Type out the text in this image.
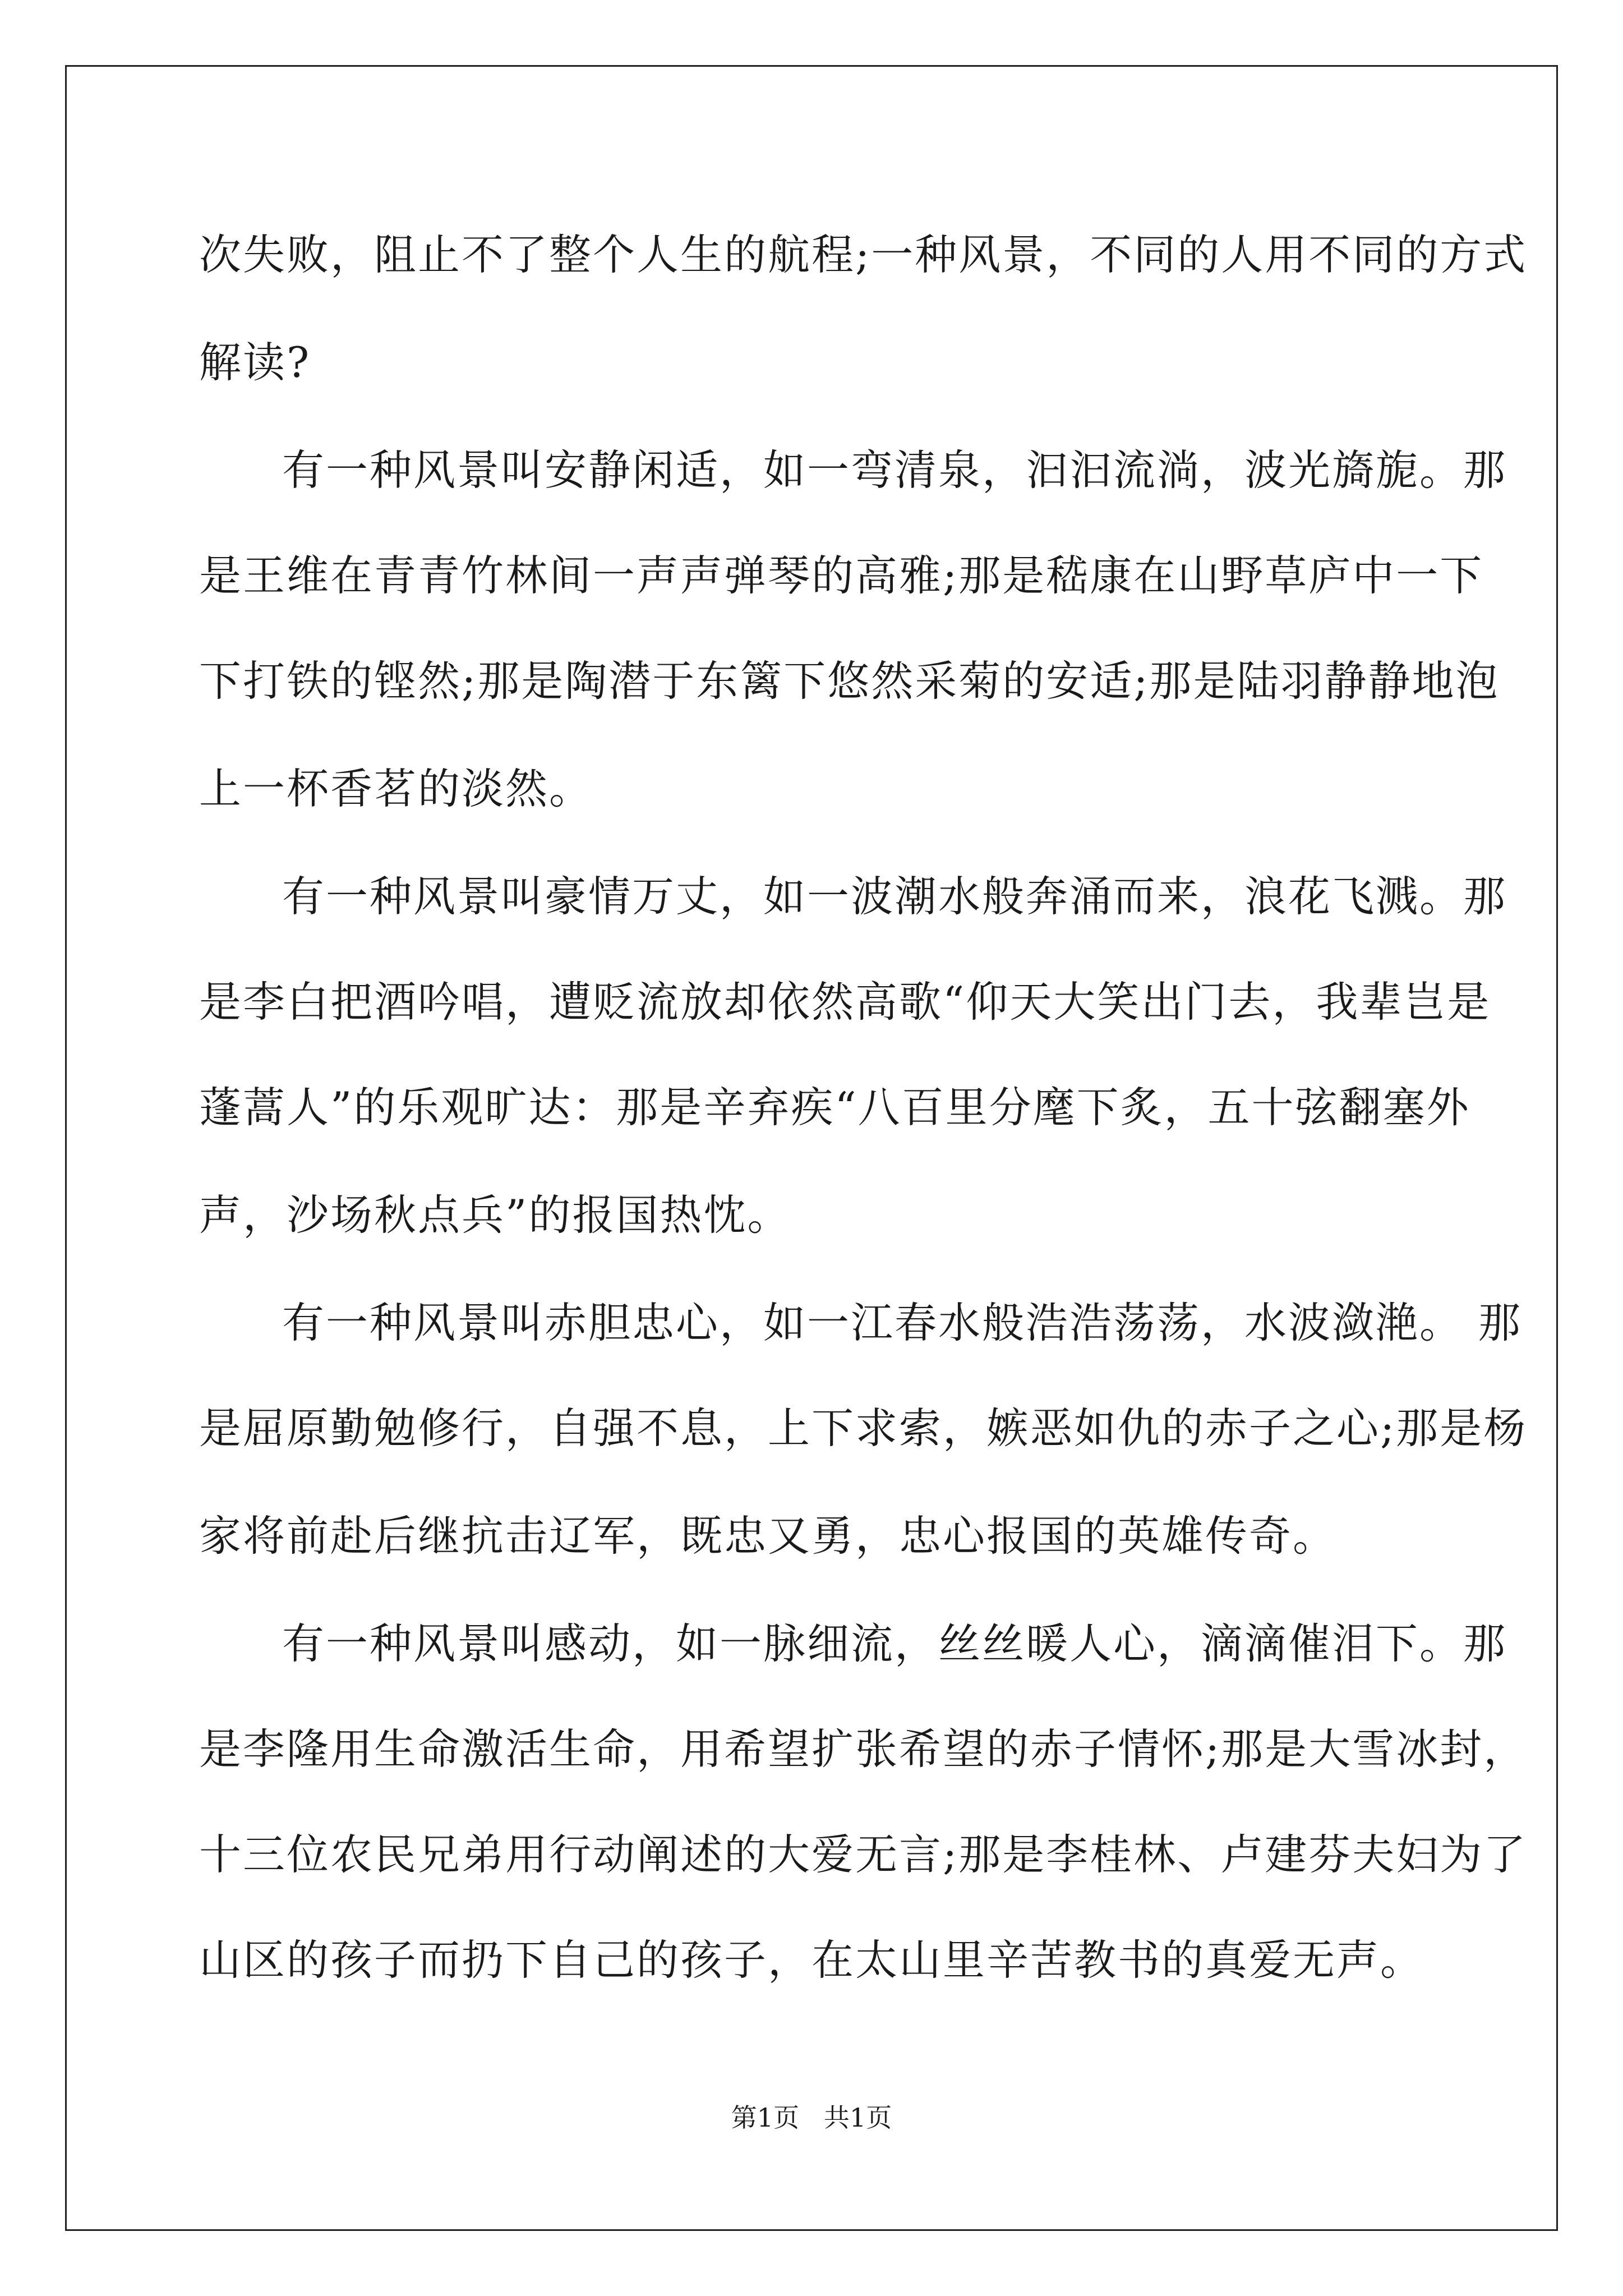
次失败，阻止不了整个人生的航程;一种风景，不同的人用不同的方式
解读?
有一种风景叫安静闲适，如一弯清泉，汩汩流淌，波光旖旎。那
是王维在青青竹林间一声声弹琴的高雅;那是嵇康在山野草庐中一下
下打铁的铿然;那是陶潜于东篱下悠然采菊的安适;那是陆羽静静地泡
上一杯香茗的淡然。
有一种风景叫豪情万丈，如一波潮水般奔涌而来，浪花飞溅。那
是李白把酒吟唱，遭贬流放却依然高歌“仰天大笑出门去，我辈岂是
蓬蒿人”的乐观旷达：那是辛弃疾“八百里分麾下炙，五十弦翻塞外
声，沙场秋点兵”的报国热忱。
有一种风景叫赤胆忠心，如一江春水般浩浩荡荡，水波潋滟。 那
是屈原勤勉修行，自强不息，上下求索，嫉恶如仇的赤子之心;那是杨
家将前赴后继抗击辽军，既忠又勇，忠心报国的英雄传奇。
有一种风景叫感动，如一脉细流，丝丝暖人心，滴滴催泪下。那
是李隆用生命激活生命，用希望扩张希望的赤子情怀;那是大雪冰封，
十三位农民兄弟用行动阐述的大爱无言;那是李桂林、卢建芬夫妇为了
山区的孩子而扔下自己的孩子，在太山里辛苦教书的真爱无声。
第1页   共1页
